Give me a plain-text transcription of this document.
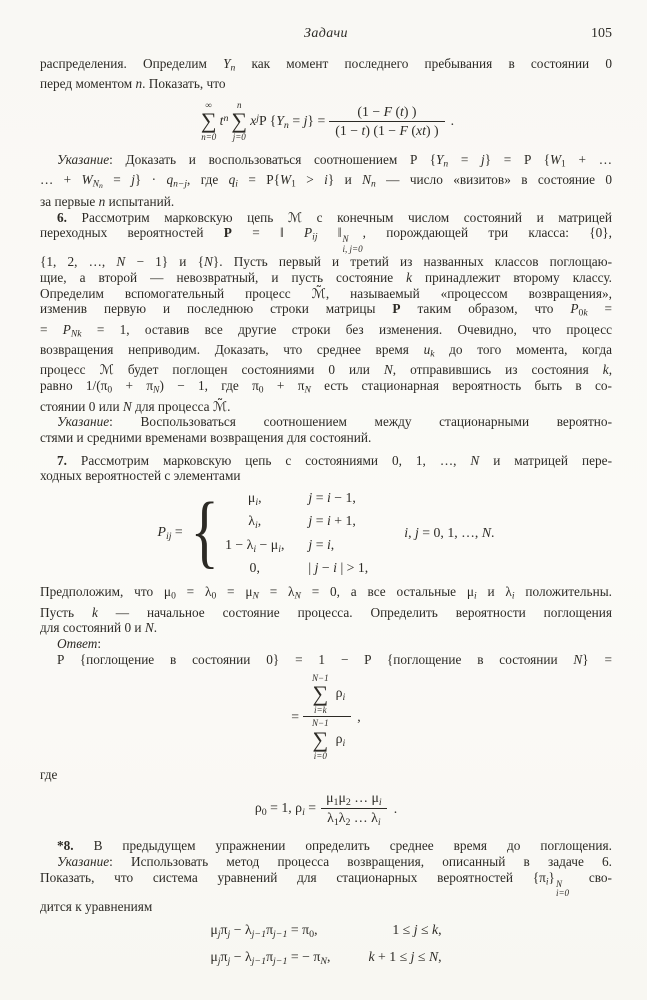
Задачи	105
распределения. Определим $Y_n$ как момент последнего пребывания в состоянии 0
перед моментом n. Показать, что
∞
∑
n=0
$t^n$
n
∑
j=0
$x^j$ P $\{Y_n = j\} = \frac{(1 - F (t) )}{(1 - t) (1 - F (xt) )}$ .
Указание: Доказать и воспользоваться соотношением P $\{Y_n = j\} = P$ {$W_1$ + …
… + $W_{Nn} = j\} \cdot q_{n-j}$, где $q_i = P\{W_1 > i\}$ и $N_n$ — число «визитов» в состояние 0
за первые n испытаний.
6. Рассмотрим марковскую цепь ℳ с конечным числом состояний и матрицей
переходных вероятностей P = ‖ $P_{ij}$ ‖ N
i, j=0
, порождающей три класса: {0},
{1, 2, …, N − 1} и {N}. Пусть первый и третий из названных классов поглощаю-
щие, а второй — невозвратный, и пусть состояние k принадлежит второму классу.
Определим вспомогательный процесс ℳ̃, называемый «процессом возвращения»,
изменив первую и последнюю строки матрицы P таким образом, что $P_{0k}$ =
= $P_{Nk} = 1$, оставив все другие строки без изменения. Очевидно, что процесс
возвращения неприводим. Доказать, что среднее время $u_k$ до того момента, когда
процесс ℳ будет поглощен состояниями 0 или N, отправившись из состояния k,
равно $1/(\pi_0 + \pi_N) - 1$, где $\pi_0 + \pi_N$ есть стационарная вероятность быть в со-
стоянии 0 или N для процесса ℳ̃.
Указание: Воспользоваться соотношением между стационарными вероятно-
стями и средними временами возвращения для состояний.
7. Рассмотрим марковскую цепь с состояниями 0, 1, …, N и матрицей пере-
ходных вероятностей с элементами
$P_{ij}$ = {	$\mu_i$,	j = i − 1,
$\lambda_i$,	j = i + 1,
$1 - \lambda_i - \mu_i$, j = i,
0,	| j − i | > 1,
i, j = 0, 1, …, N.
Предположим, что $\mu_0 = \lambda_0 = \mu_N = \lambda_N = 0$, а все остальные $\mu_i$ и $\lambda_i$ положительны.
Пусть k — начальное состояние процесса. Определить вероятности поглощения
для состояний 0 и N.
Ответ:
P {поглощение в состоянии 0} = 1 − P {поглощение в состоянии N} =
= N−1
∑
i=k
$\rho_i$
N−1
∑
i=0
$\rho_i$ ,
где
$\rho_0 = 1$, $\rho_i = \frac{\mu_1\mu_2 \dots \mu_i}{\lambda_1\lambda_2 \dots \lambda_i}$ .
*8. В предыдущем упражнении определить среднее время до поглощения.
Указание: Использовать метод процесса возвращения, описанный в задаче 6.
Показать, что система уравнений для стационарных вероятностей $\{\pi_i\}$ N
i=0
сво-
дится к уравнениям
$\mu_j\pi_j - \lambda_{j-1}\pi_{j-1} = \pi_0$,	1 ≤ j ≤ k,
$\mu_j\pi_j - \lambda_{j-1}\pi_{j-1}$ = − $\pi_N$,	k + 1 ≤ j ≤ N,
